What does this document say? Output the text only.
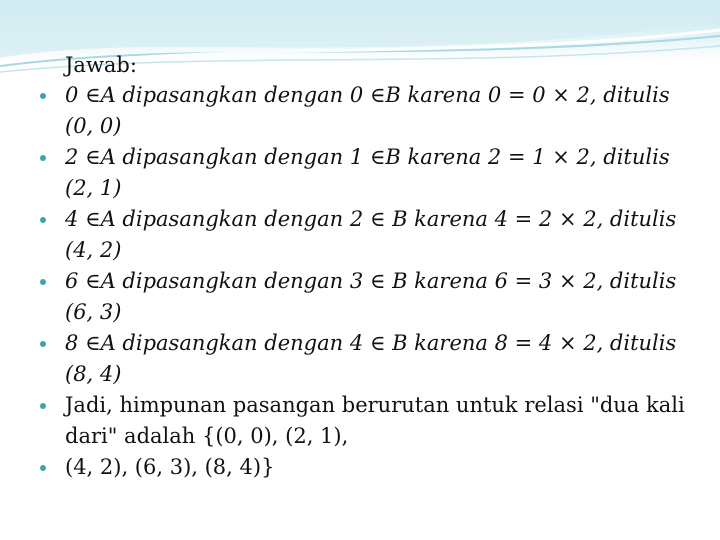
Jawab:

0 ∈A dipasangkan dengan 0 ∈B karena 0 = 0 × 2, ditulis (0, 0)
2 ∈A dipasangkan dengan 1 ∈B karena 2 = 1 × 2, ditulis (2, 1)
4 ∈A dipasangkan dengan 2 ∈ B karena 4 = 2 × 2, ditulis (4, 2)
6 ∈A dipasangkan dengan 3 ∈ B karena 6 = 3 × 2, ditulis (6, 3)
8 ∈A dipasangkan dengan 4 ∈ B karena 8 = 4 × 2, ditulis (8, 4)
Jadi, himpunan pasangan berurutan untuk relasi "dua kali dari" adalah {(0, 0), (2, 1),
(4, 2), (6, 3), (8, 4)}
